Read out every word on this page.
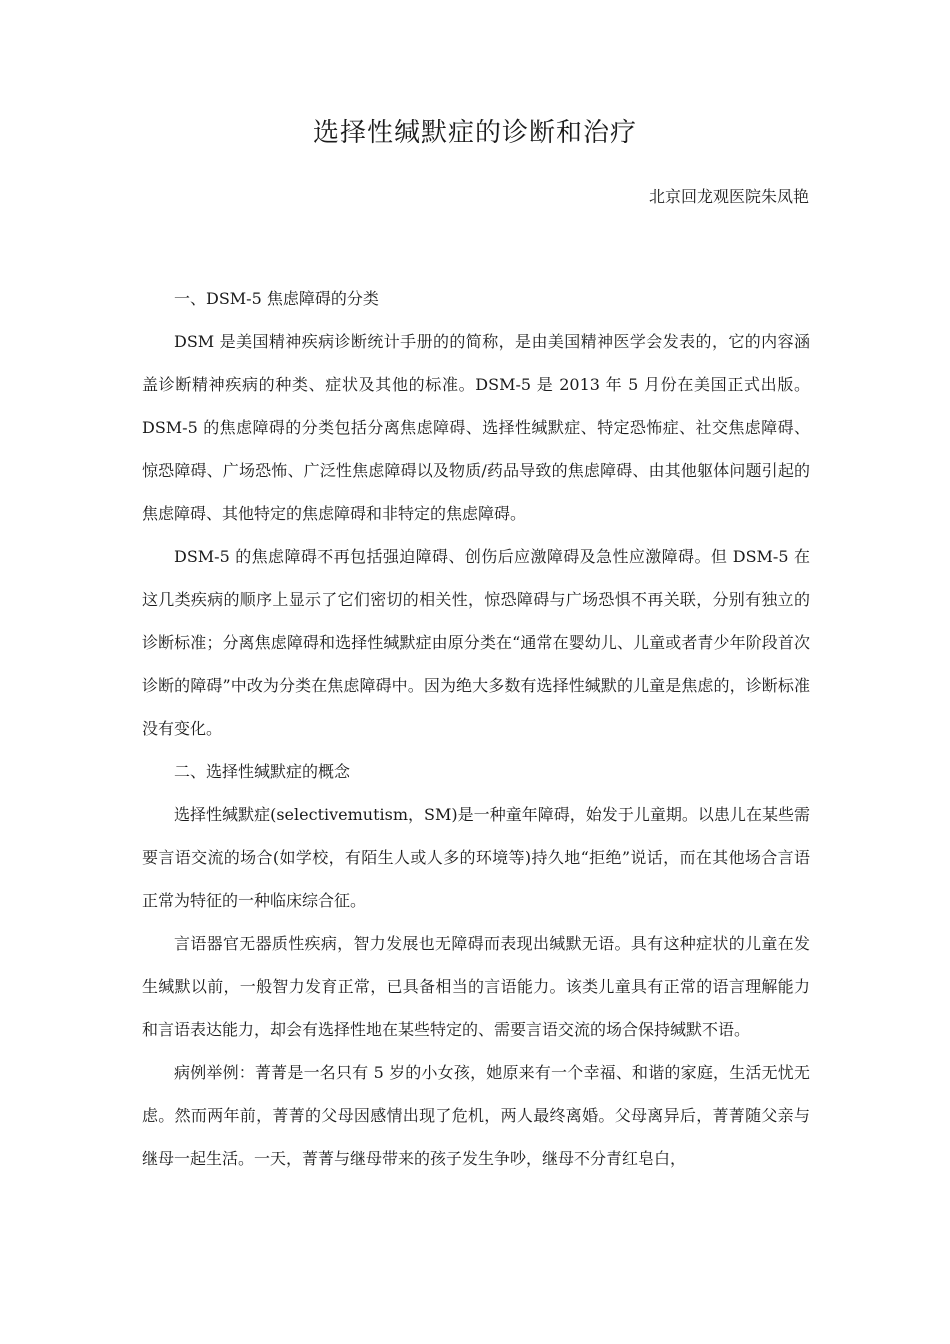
选择性缄默症的诊断和治疗
北京回龙观医院朱凤艳

一、DSM-5 焦虑障碍的分类

DSM 是美国精神疾病诊断统计手册的的简称，是由美国精神医学会发表的，它的内容涵盖诊断精神疾病的种类、症状及其他的标准。DSM-5 是 2013 年 5 月份在美国正式出版。DSM-5 的焦虑障碍的分类包括分离焦虑障碍、选择性缄默症、特定恐怖症、社交焦虑障碍、惊恐障碍、广场恐怖、广泛性焦虑障碍以及物质/药品导致的焦虑障碍、由其他躯体问题引起的焦虑障碍、其他特定的焦虑障碍和非特定的焦虑障碍。

DSM-5 的焦虑障碍不再包括强迫障碍、创伤后应激障碍及急性应激障碍。但 DSM-5 在这几类疾病的顺序上显示了它们密切的相关性，惊恐障碍与广场恐惧不再关联，分别有独立的诊断标准；分离焦虑障碍和选择性缄默症由原分类在“通常在婴幼儿、儿童或者青少年阶段首次诊断的障碍”中改为分类在焦虑障碍中。因为绝大多数有选择性缄默的儿童是焦虑的，诊断标准没有变化。

二、选择性缄默症的概念

选择性缄默症(selectivemutism，SM)是一种童年障碍，始发于儿童期。以患儿在某些需要言语交流的场合(如学校，有陌生人或人多的环境等)持久地“拒绝”说话，而在其他场合言语正常为特征的一种临床综合征。

言语器官无器质性疾病，智力发展也无障碍而表现出缄默无语。具有这种症状的儿童在发生缄默以前，一般智力发育正常，已具备相当的言语能力。该类儿童具有正常的语言理解能力和言语表达能力，却会有选择性地在某些特定的、需要言语交流的场合保持缄默不语。

病例举例：菁菁是一名只有 5 岁的小女孩，她原来有一个幸福、和谐的家庭，生活无忧无虑。然而两年前，菁菁的父母因感情出现了危机，两人最终离婚。父母离异后，菁菁随父亲与继母一起生活。一天，菁菁与继母带来的孩子发生争吵，继母不分青红皂白，
